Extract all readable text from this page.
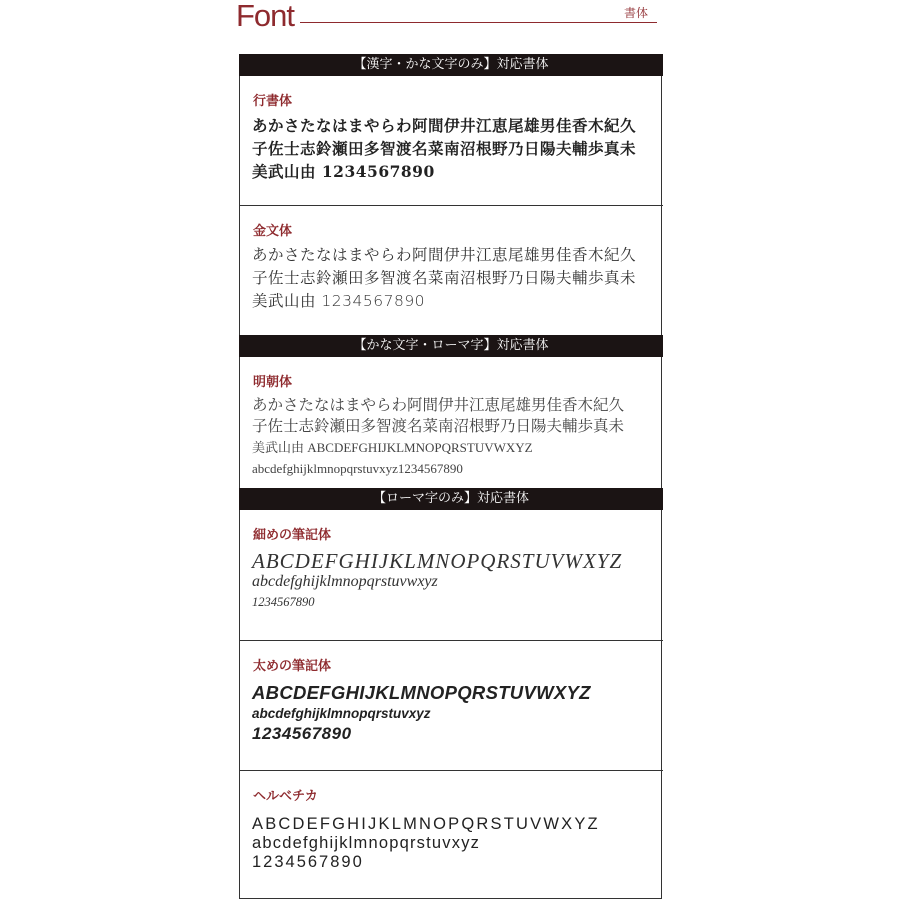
Font	書体
【漢字・かな文字のみ】対応書体
行書体
あかさたなはまやらわ阿間伊井江恵尾雄男佳香木紀久
子佐士志鈴瀬田多智渡名菜南沼根野乃日陽夫輔歩真未
美武山由 1234567890
金文体
あかさたなはまやらわ阿間伊井江恵尾雄男佳香木紀久
子佐士志鈴瀬田多智渡名菜南沼根野乃日陽夫輔歩真未
美武山由 1234567890
【かな文字・ローマ字】対応書体
明朝体
あかさたなはまやらわ阿間伊井江恵尾雄男佳香木紀久
子佐士志鈴瀬田多智渡名菜南沼根野乃日陽夫輔歩真未
美武山由 ABCDEFGHIJKLMNOPQRSTUVWXYZ
abcdefghijklmnopqrstuvxyz1234567890
【ローマ字のみ】対応書体
細めの筆記体
ABCDEFGHIJKLMNOPQRSTUVWXYZ
abcdefghijklmnopqrstuvwxyz
1234567890
太めの筆記体
ABCDEFGHIJKLMNOPQRSTUVWXYZ
abcdefghijklmnopqrstuvxyz
1234567890
ヘルベチカ
ABCDEFGHIJKLMNOPQRSTUVWXYZ
abcdefghijklmnopqrstuvxyz
1234567890
